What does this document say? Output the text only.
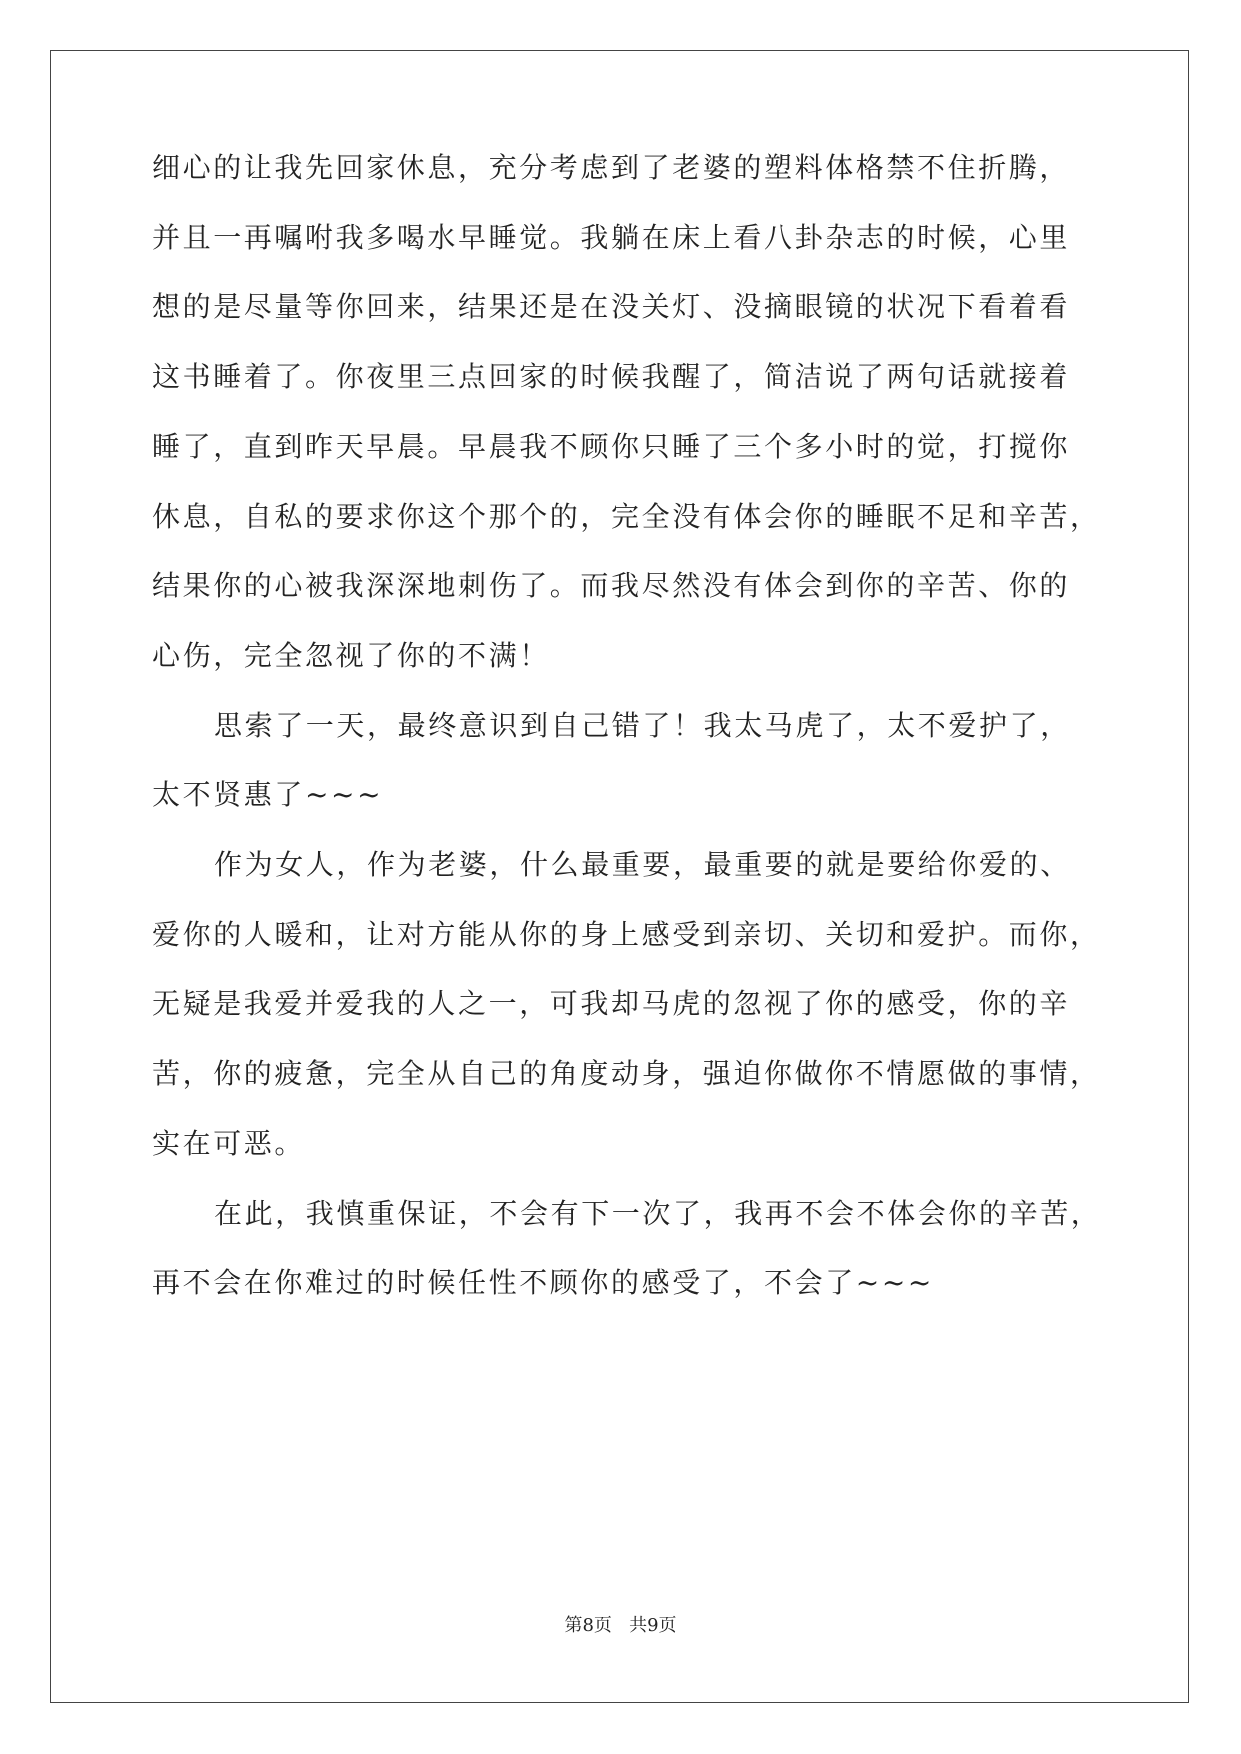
细心的让我先回家休息，充分考虑到了老婆的塑料体格禁不住折腾，
并且一再嘱咐我多喝水早睡觉。我躺在床上看八卦杂志的时候，心里
想的是尽量等你回来，结果还是在没关灯、没摘眼镜的状况下看着看
这书睡着了。你夜里三点回家的时候我醒了，简洁说了两句话就接着
睡了，直到昨天早晨。早晨我不顾你只睡了三个多小时的觉，打搅你
休息，自私的要求你这个那个的，完全没有体会你的睡眠不足和辛苦，
结果你的心被我深深地刺伤了。而我尽然没有体会到你的辛苦、你的
心伤，完全忽视了你的不满！
思索了一天，最终意识到自己错了！我太马虎了，太不爱护了，
太不贤惠了~~~
作为女人，作为老婆，什么最重要，最重要的就是要给你爱的、
爱你的人暖和，让对方能从你的身上感受到亲切、关切和爱护。而你，
无疑是我爱并爱我的人之一，可我却马虎的忽视了你的感受，你的辛
苦，你的疲惫，完全从自己的角度动身，强迫你做你不情愿做的事情，
实在可恶。
在此，我慎重保证，不会有下一次了，我再不会不体会你的辛苦，
再不会在你难过的时候任性不顾你的感受了，不会了~~~
第8页   共9页
